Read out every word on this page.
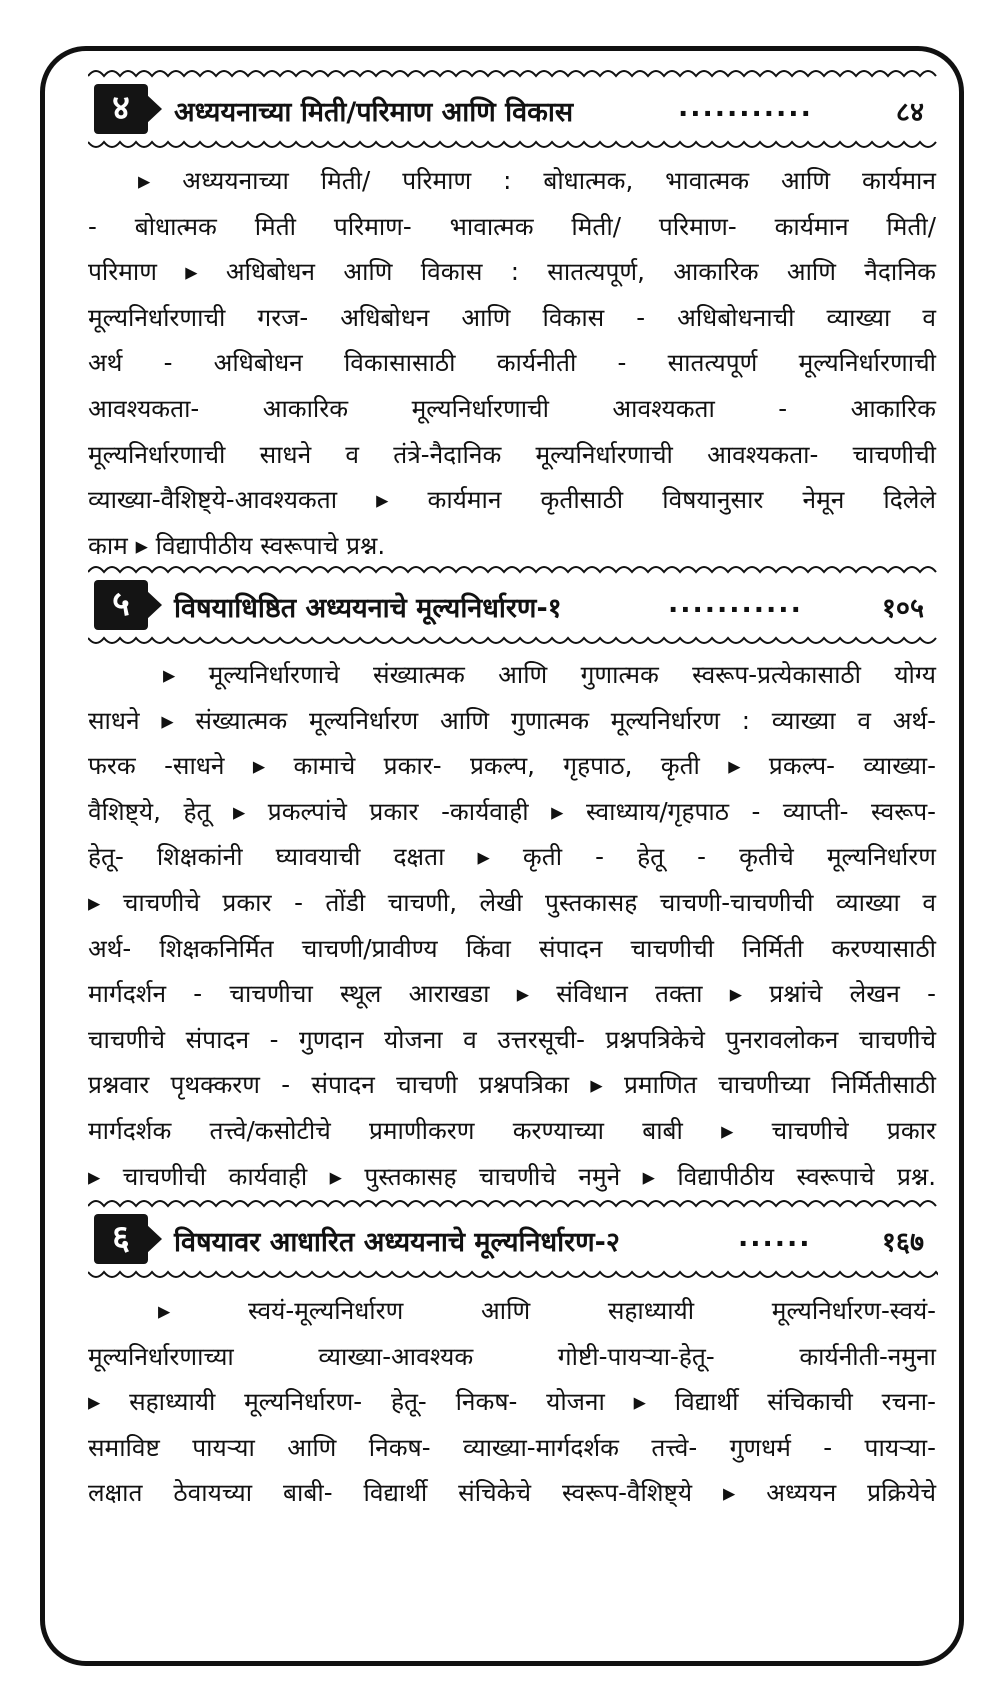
४	अध्ययनाच्या मिती/परिमाण आणि विकास	...........	८४
▸ अध्ययनाच्या मिती/ परिमाण : बोधात्मक, भावात्मक आणि कार्यमान
- बोधात्मक मिती परिमाण- भावात्मक मिती/ परिमाण- कार्यमान मिती/
परिमाण ▸ अधिबोधन आणि विकास : सातत्यपूर्ण, आकारिक आणि नैदानिक
मूल्यनिर्धारणाची गरज- अधिबोधन आणि विकास - अधिबोधनाची व्याख्या व
अर्थ - अधिबोधन विकासासाठी कार्यनीती - सातत्यपूर्ण मूल्यनिर्धारणाची
आवश्यकता- आकारिक मूल्यनिर्धारणाची आवश्यकता - आकारिक
मूल्यनिर्धारणाची साधने व तंत्रे-नैदानिक मूल्यनिर्धारणाची आवश्यकता- चाचणीची
व्याख्या-वैशिष्ट्ये-आवश्यकता ▸ कार्यमान कृतीसाठी विषयानुसार नेमून दिलेले
काम ▸ विद्यापीठीय स्वरूपाचे प्रश्न.
५	विषयाधिष्ठित अध्ययनाचे मूल्यनिर्धारण-१	...........	१०५
▸ मूल्यनिर्धारणाचे संख्यात्मक आणि गुणात्मक स्वरूप-प्रत्येकासाठी योग्य
साधने ▸ संख्यात्मक मूल्यनिर्धारण आणि गुणात्मक मूल्यनिर्धारण : व्याख्या व अर्थ-
फरक -साधने ▸ कामाचे प्रकार- प्रकल्प, गृहपाठ, कृती ▸ प्रकल्प- व्याख्या-
वैशिष्ट्ये, हेतू ▸ प्रकल्पांचे प्रकार -कार्यवाही ▸ स्वाध्याय/गृहपाठ - व्याप्ती- स्वरूप-
हेतू- शिक्षकांनी घ्यावयाची दक्षता ▸ कृती - हेतू - कृतीचे मूल्यनिर्धारण
▸ चाचणीचे प्रकार - तोंडी चाचणी, लेखी पुस्तकासह चाचणी-चाचणीची व्याख्या व
अर्थ- शिक्षकनिर्मित चाचणी/प्रावीण्य किंवा संपादन चाचणीची निर्मिती करण्यासाठी
मार्गदर्शन - चाचणीचा स्थूल आराखडा ▸ संविधान तक्ता ▸ प्रश्नांचे लेखन -
चाचणीचे संपादन - गुणदान योजना व उत्तरसूची- प्रश्नपत्रिकेचे पुनरावलोकन चाचणीचे
प्रश्नवार पृथक्करण - संपादन चाचणी प्रश्नपत्रिका ▸ प्रमाणित चाचणीच्या निर्मितीसाठी
मार्गदर्शक तत्त्वे/कसोटीचे प्रमाणीकरण करण्याच्या बाबी ▸ चाचणीचे प्रकार
▸ चाचणीची कार्यवाही ▸ पुस्तकासह चाचणीचे नमुने ▸ विद्यापीठीय स्वरूपाचे प्रश्न.
६	विषयावर आधारित अध्ययनाचे मूल्यनिर्धारण-२	......	१६७
▸ स्वयं-मूल्यनिर्धारण आणि सहाध्यायी मूल्यनिर्धारण-स्वयं-
मूल्यनिर्धारणाच्या व्याख्या-आवश्यक गोष्टी-पायऱ्या-हेतू- कार्यनीती-नमुना
▸ सहाध्यायी मूल्यनिर्धारण- हेतू- निकष- योजना ▸ विद्यार्थी संचिकाची रचना-
समाविष्ट पायऱ्या आणि निकष- व्याख्या-मार्गदर्शक तत्त्वे- गुणधर्म - पायऱ्या-
लक्षात ठेवायच्या बाबी- विद्यार्थी संचिकेचे स्वरूप-वैशिष्ट्ये ▸ अध्ययन प्रक्रियेचे
